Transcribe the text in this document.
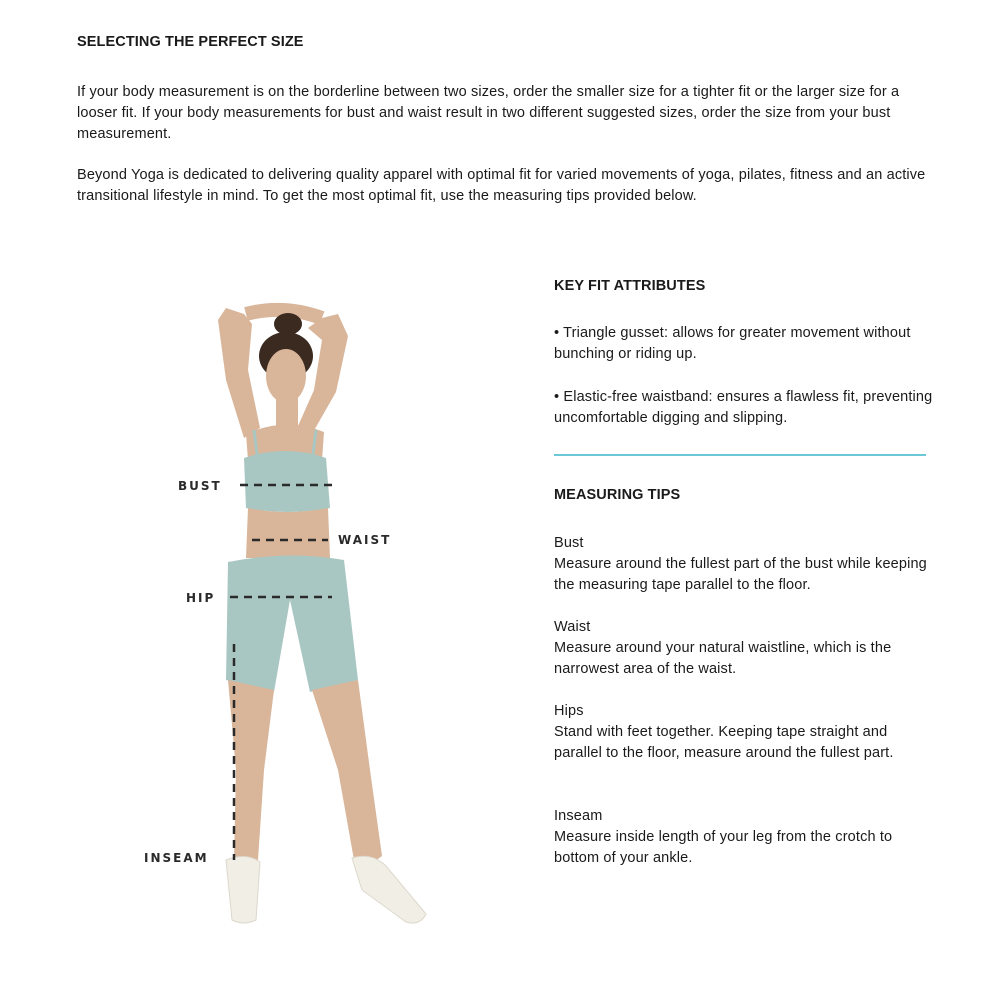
SELECTING THE PERFECT SIZE

If your body measurement is on the borderline between two sizes, order the smaller size for a tighter fit or the larger size for a looser fit. If your body measurements for bust and waist result in two different suggested sizes, order the size from your bust measurement.

Beyond Yoga is dedicated to delivering quality apparel with optimal fit for varied movements of yoga, pilates, fitness and an active transitional lifestyle in mind. To get the most optimal fit, use the measuring tips provided below.

BUST
WAIST
HIP
INSEAM
KEY FIT ATTRIBUTES

• Triangle gusset: allows for greater movement without bunching or riding up.

• Elastic-free waistband: ensures a flawless fit, preventing uncomfortable digging and slipping.

MEASURING TIPS
Bust
Measure around the fullest part of the bust while keeping the measuring tape parallel to the floor.
Waist
Measure around your natural waistline, which is the narrowest area of the waist.
Hips
Stand with feet together. Keeping tape straight and parallel to the floor, measure around the fullest part.
Inseam
Measure inside length of your leg from the crotch to bottom of your ankle.
